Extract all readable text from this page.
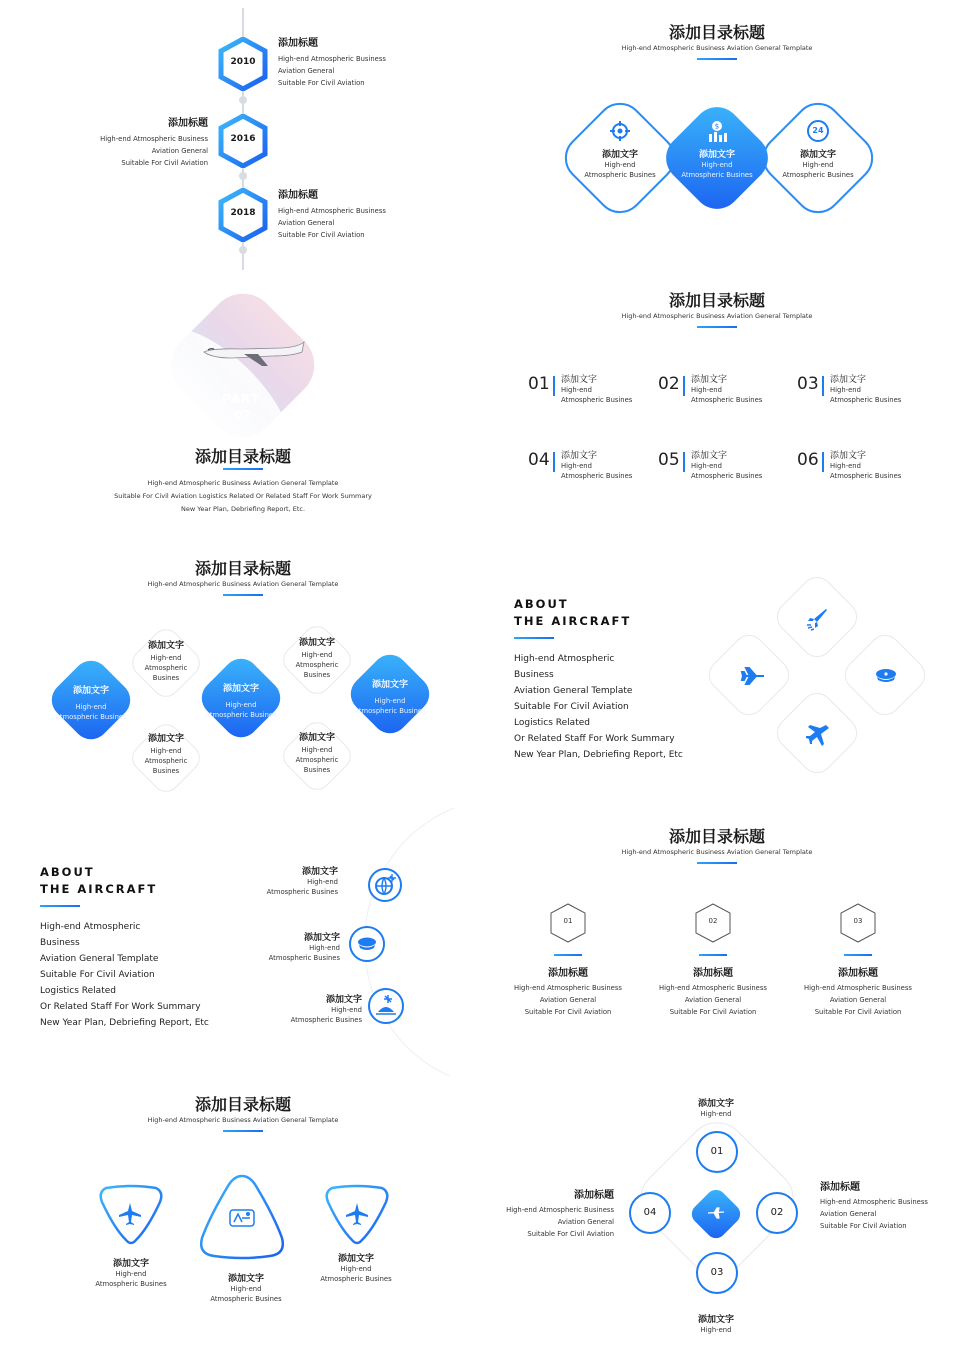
2010
2016
2018
添加标题
High-end Atmospheric Business
Aviation General
Suitable For Civil Aviation
添加标题
High-end Atmospheric Business
Aviation General
Suitable For Civil Aviation
添加标题
High-end Atmospheric Business
Aviation General
Suitable For Civil Aviation
添加目录标题
High-end Atmospheric Business Aviation General Template
添加文字
High-end
Atmospheric Busines
$
添加文字
High-end
Atmospheric Busines
24
添加文字
High-end
Atmospheric Busines
PART
02
添加目录标题
High-end Atmospheric Business Aviation General Template
Suitable For Civil Aviation Logistics Related Or Related Staff For Work Summary
New Year Plan, Debriefing Report, Etc.
添加目录标题
High-end Atmospheric Business Aviation General Template
01 添加文字
High-end
Atmospheric Busines
02 添加文字
High-end
Atmospheric Busines
03 添加文字
High-end
Atmospheric Busines
04 添加文字
High-end
Atmospheric Busines
05 添加文字
High-end
Atmospheric Busines
06 添加文字
High-end
Atmospheric Busines
添加目录标题
High-end Atmospheric Business Aviation General Template
添加文字
High-end
Atmospheric Busines
添加文字
High-end
Atmospheric Busines
添加文字
High-end
Atmospheric Busines
添加文字
High-end
Atmospheric
Busines
添加文字
High-end
Atmospheric
Busines
添加文字
High-end
Atmospheric
Busines
添加文字
High-end
Atmospheric
Busines
ABOUT
THE AIRCRAFT
High-end Atmospheric
Business
Aviation General Template
Suitable For Civil Aviation
Logistics Related
Or Related Staff For Work Summary
New Year Plan, Debriefing Report, Etc
ABOUT
THE AIRCRAFT
High-end Atmospheric
Business
Aviation General Template
Suitable For Civil Aviation
Logistics Related
Or Related Staff For Work Summary
New Year Plan, Debriefing Report, Etc
添加文字
High-end
Atmospheric Busines
添加文字
High-end
Atmospheric Busines
添加文字
High-end
Atmospheric Busines
添加目录标题
High-end Atmospheric Business Aviation General Template
01
添加标题
High-end Atmospheric Business
Aviation General
Suitable For Civil Aviation
02
添加标题
High-end Atmospheric Business
Aviation General
Suitable For Civil Aviation
03
添加标题
High-end Atmospheric Business
Aviation General
Suitable For Civil Aviation
添加目录标题
High-end Atmospheric Business Aviation General Template
添加文字
High-end
Atmospheric Busines	添加文字
High-end
Atmospheric Busines
添加文字
High-end
Atmospheric Busines
添加文字
High-end
添加文字
High-end
添加标题
High-end Atmospheric Business
Aviation General
Suitable For Civil Aviation
添加标题
High-end Atmospheric Business
Aviation General
Suitable For Civil Aviation
01
02
03
04
